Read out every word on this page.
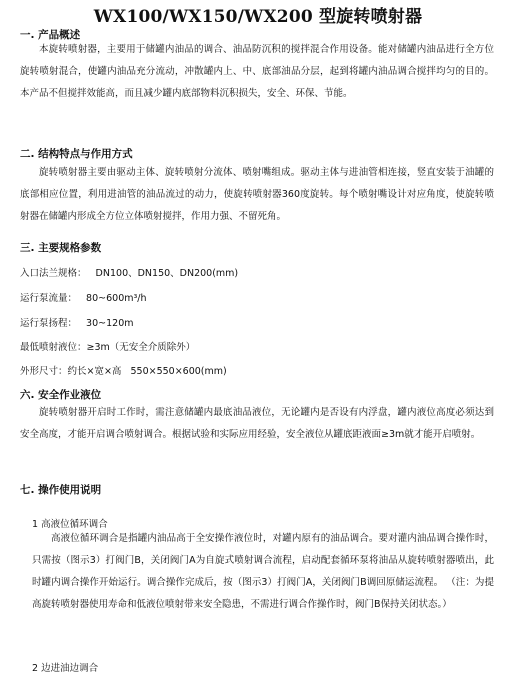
WX100/WX150/WX200 型旋转喷射器
一. 产品概述

本旋转喷射器，主要用于储罐内油品的调合、油品防沉积的搅拌混合作用设备。能对储罐内油品进行全方位旋转喷射混合，使罐内油品充分流动，冲散罐内上、中、底部油品分层，起到将罐内油品调合搅拌均匀的目的。本产品不但搅拌效能高，而且减少罐内底部物料沉积损失，安全、环保、节能。

二. 结构特点与作用方式

旋转喷射器主要由驱动主体、旋转喷射分流体、喷射嘴组成。驱动主体与进油管相连接，竖直安装于油罐的底部相应位置，利用进油管的油品流过的动力，使旋转喷射器360度旋转。每个喷射嘴设计对应角度，使旋转喷射器在储罐内形成全方位立体喷射搅拌，作用力强、不留死角。

三. 主要规格参数
入口法兰规格：   DN100、DN150、DN200(mm)
运行泵流量：   80~600m³/h
运行泵扬程：   30~120m
最低喷射液位：≥3m（无安全介质除外）
外形尺寸：约长×宽×高   550×550×600(mm)
六. 安全作业液位

旋转喷射器开启时工作时，需注意储罐内最底油品液位，无论罐内是否设有内浮盘，罐内液位高度必须达到安全高度，才能开启调合喷射调合。根据试验和实际应用经验，安全液位从罐底距液面≥3m就才能开启喷射。

七. 操作使用说明
1 高液位循环调合

高液位循环调合是指罐内油品高于全安操作液位时，对罐内原有的油品调合。要对灌内油品调合操作时，只需按（图示3）打阀门B，关闭阀门A为自旋式喷射调合流程，启动配套循环泵将油品从旋转喷射器喷出，此时罐内调合操作开始运行。调合操作完成后，按（图示3）打阀门A，关闭阀门B调回原储运流程。 （注：为提高旋转喷射器使用寿命和低液位喷射带来安全隐患，不需进行调合作操作时，阀门B保持关闭状态。）

2 边进油边调合
